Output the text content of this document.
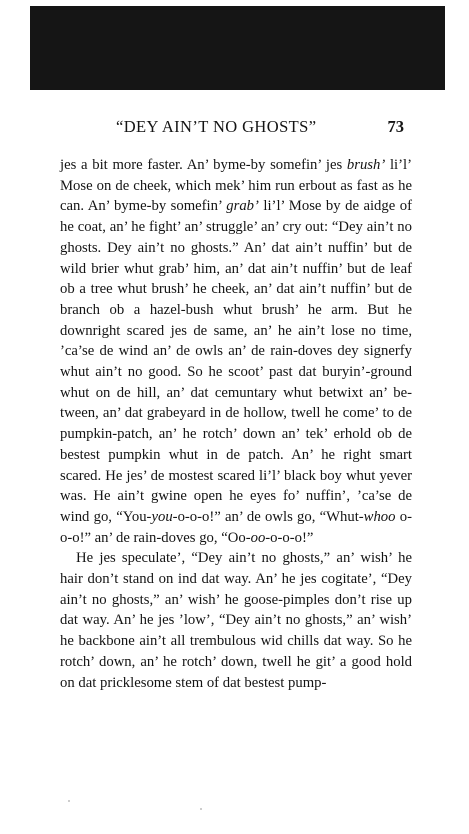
“DEY AIN’T NO GHOSTS”	73

jes a bit more faster. An’ byme-by somefin’ jes brush’ li’l’ Mose on de cheek, which mek’ him run erbout as fast as he can. An’ byme-by somefin’ grab’ li’l’ Mose by de aidge of he coat, an’ he fight’ an’ struggle’ an’ cry out: “Dey ain’t no ghosts. Dey ain’t no ghosts.” An’ dat ain’t nuffin’ but de wild brier whut grab’ him, an’ dat ain’t nuffin’ but de leaf ob a tree whut brush’ he cheek, an’ dat ain’t nuffin’ but de branch ob a hazel-bush whut brush’ he arm. But he downright scared jes de same, an’ he ain’t lose no time, ’ca’se de wind an’ de owls an’ de rain-doves dey signerfy whut ain’t no good. So he scoot’ past dat buryin’-ground whut on de hill, an’ dat cemuntary whut betwixt an’ be-tween, an’ dat grabeyard in de hollow, twell he come’ to de pumpkin-patch, an’ he rotch’ down an’ tek’ erhold ob de bestest pumpkin whut in de patch. An’ he right smart scared. He jes’ de mostest scared li’l’ black boy whut yever was. He ain’t gwine open he eyes fo’ nuffin’, ’ca’se de wind go, “You-you-o-o-o!” an’ de owls go, “Whut-whoo o-o-o!” an’ de rain-doves go, “Oo-oo-o-o-o!”

He jes speculate’, “Dey ain’t no ghosts,” an’ wish’ he hair don’t stand on ind dat way. An’ he jes cogitate’, “Dey ain’t no ghosts,” an’ wish’ he goose-pimples don’t rise up dat way. An’ he jes ’low’, “Dey ain’t no ghosts,” an’ wish’ he backbone ain’t all trembulous wid chills dat way. So he rotch’ down, an’ he rotch’ down, twell he git’ a good hold on dat pricklesome stem of dat bestest pump-
